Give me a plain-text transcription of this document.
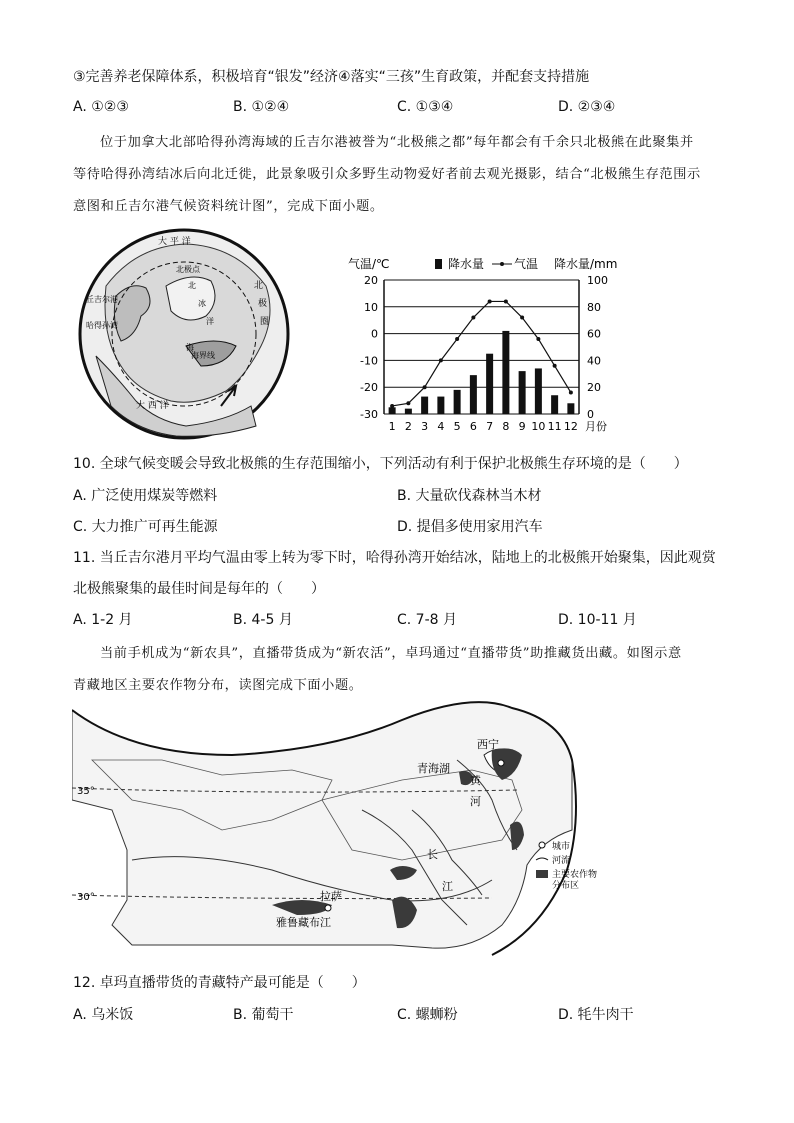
③完善养老保障体系，积极培育“银发”经济④落实“三孩”生育政策，并配套支持措施
A. ①②③	B. ①②④	C. ①③④	D. ②③④
位于加拿大北部哈得孙湾海域的丘吉尔港被誉为“北极熊之都”每年都会有千余只北极熊在此聚集并
等待哈得孙湾结冰后向北迁徙，此景象吸引众多野生动物爱好者前去观光摄影，结合“北极熊生存范围示
意图和丘吉尔港气候资料统计图”，完成下面小题。
大 平 洋
北极点
北
冰
洋
北
极
圈
丘吉尔港
哈得孙湾
海
海界线
大 西 洋
气温/℃	降水量 气温 降水量/mm
20
10
0
-10
-20
-30
100
80
60
40
20
0
1 2 3 4 5 6 7 8 9 10 11 12 月份
10. 全球气候变暖会导致北极熊的生存范围缩小，下列活动有利于保护北极熊生存环境的是（　　）
A. 广泛使用煤炭等燃料	B. 大量砍伐森林当木材
C. 大力推广可再生能源	D. 提倡多使用家用汽车
11. 当丘吉尔港月平均气温由零上转为零下时，哈得孙湾开始结冰，陆地上的北极熊开始聚集，因此观赏
北极熊聚集的最佳时间是每年的（　　）
A. 1-2 月	B. 4-5 月	C. 7-8 月	D. 10-11 月
当前手机成为“新农具”，直播带货成为“新农活”，卓玛通过“直播带货”助推藏货出藏。如图示意
青藏地区主要农作物分布，读图完成下面小题。
35°
30°
西宁
青海湖
黄
河
长
江
拉萨
雅鲁藏布江
城市
河流
主要农作物
分布区
12. 卓玛直播带货的青藏特产最可能是（　　）
A. 乌米饭	B. 葡萄干	C. 螺蛳粉	D. 牦牛肉干
